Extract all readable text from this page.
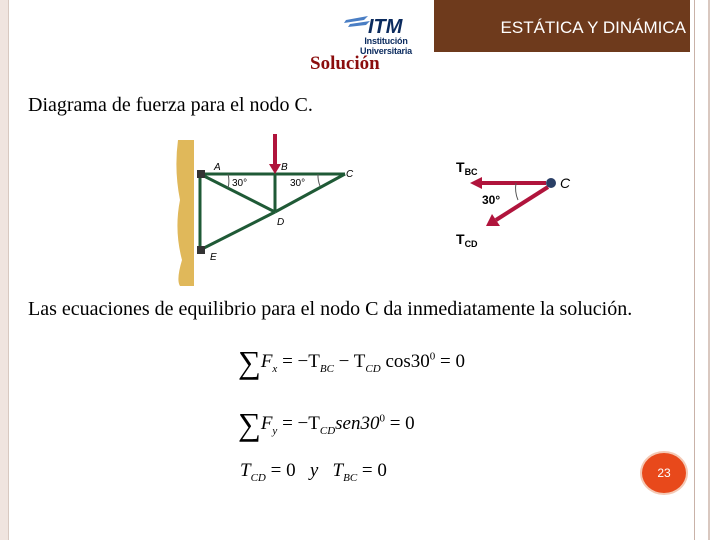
ITM
Institución Universitaria
ESTÁTICA Y DINÁMICA
Solución
Diagrama de fuerza para el nodo C.
A	B
C
D
E
30°	30°
$T_{BC}$
$T_{CD}$
30°
C
Las ecuaciones de equilibrio para el nodo C da inmediatamente la solución.
$\sum F_x = -T_{BC} - T_{CD}$ $\cos 30^0 = 0$
$\sum F_y = -T_{CD}sen30^0 = 0$
$T_{CD} = 0$ y $T_{BC} = 0$	23
